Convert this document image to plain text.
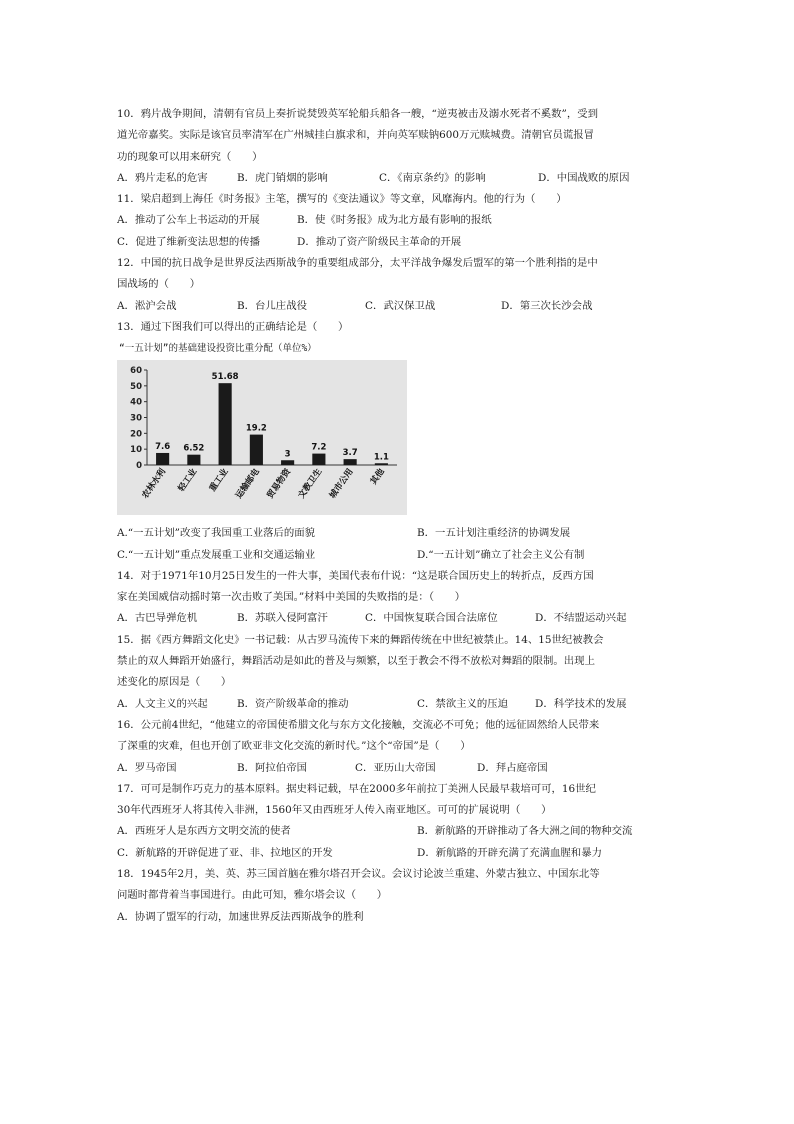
10．鸦片战争期间，清朝有官员上奏折说焚毁英军轮船兵船各一艘，“逆夷被击及溺水死者不奚数”，受到
道光帝嘉奖。实际是该官员率清军在广州城挂白旗求和，并向英军赎钠600万元赎城费。清朝官员谎报冒
功的现象可以用来研究（　　）
A．鸦片走私的危害	B．虎门销烟的影响	C．《南京条约》的影响	D．中国战败的原因
11．梁启超到上海任《时务报》主笔，撰写的《变法通议》等文章，风靡海内。他的行为（　　）
A．推动了公车上书运动的开展	B．使《时务报》成为北方最有影响的报纸
C．促进了维新变法思想的传播	D．推动了资产阶级民主革命的开展
12．中国的抗日战争是世界反法西斯战争的重要组成部分，太平洋战争爆发后盟军的第一个胜利指的是中
国战场的（　　）
A．淞沪会战	B．台儿庄战役	C．武汉保卫战	D．第三次长沙会战
13．通过下图我们可以得出的正确结论是（　　）
“一五计划”的基础建设投资比重分配（单位%）
0
10
20
30
40
50
60
7.6
农林水利
6.52
轻工业
51.68
重工业
19.2
运输邮电
3
贸易物资
7.2
文教卫生
3.7
城市公用
1.1
其他
A.“一五计划”改变了我国重工业落后的面貌	B．一五计划注重经济的协调发展
C.“一五计划”重点发展重工业和交通运输业	D.“一五计划”确立了社会主义公有制
14．对于1971年10月25日发生的一件大事，美国代表布什说：“这是联合国历史上的转折点，反西方国
家在美国威信动摇时第一次击败了美国。”材料中美国的失败指的是：（　　）
A．古巴导弹危机	B．苏联入侵阿富汗	C．中国恢复联合国合法席位	D．不结盟运动兴起
15．据《西方舞蹈文化史》一书记载：从古罗马流传下来的舞蹈传统在中世纪被禁止。14、15世纪被教会
禁止的双人舞蹈开始盛行，舞蹈活动是如此的普及与频繁，以至于教会不得不放松对舞蹈的限制。出现上
述变化的原因是（　　）
A．人文主义的兴起	B．资产阶级革命的推动	C．禁欲主义的压迫	D．科学技术的发展
16．公元前4世纪，“他建立的帝国使希腊文化与东方文化接触，交流必不可免；他的远征固然给人民带来
了深重的灾难，但也开创了欧亚非文化交流的新时代。”这个“帝国”是（　　）
A．罗马帝国	B．阿拉伯帝国	C．亚历山大帝国	D．拜占庭帝国
17．可可是制作巧克力的基本原料。据史料记载，早在2000多年前拉丁美洲人民最早栽培可可，16世纪
30年代西班牙人将其传入非洲，1560年又由西班牙人传入南亚地区。可可的扩展说明（　　）
A．西班牙人是东西方文明交流的使者	B．新航路的开辟推动了各大洲之间的物种交流
C．新航路的开辟促进了亚、非、拉地区的开发	D．新航路的开辟充满了充满血腥和暴力
18．1945年2月，美、英、苏三国首脑在雅尔塔召开会议。会议讨论波兰重建、外蒙古独立、中国东北等
问题时都背着当事国进行。由此可知，雅尔塔会议（　　）
A．协调了盟军的行动，加速世界反法西斯战争的胜利
